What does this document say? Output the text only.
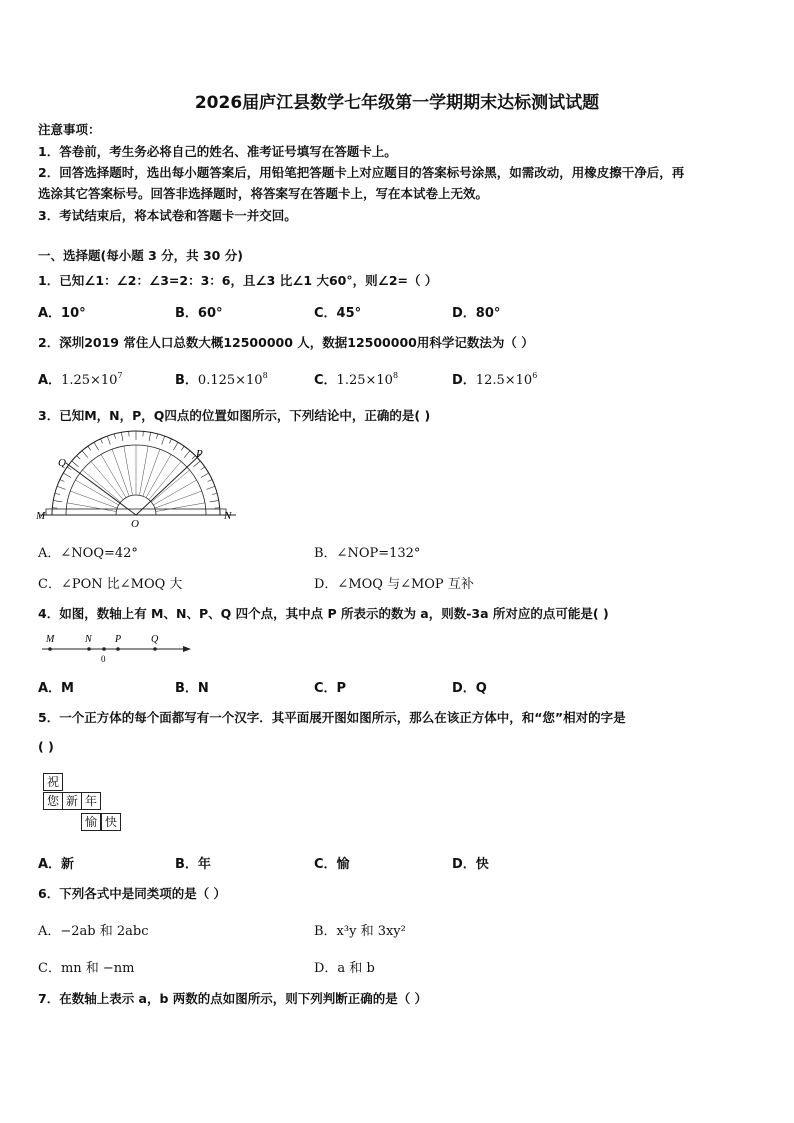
2026届庐江县数学七年级第一学期期末达标测试试题
注意事项：
1．答卷前，考生务必将自己的姓名、准考证号填写在答题卡上。
2．回答选择题时，选出每小题答案后，用铅笔把答题卡上对应题目的答案标号涂黑，如需改动，用橡皮擦干净后，再
选涂其它答案标号。回答非选择题时，将答案写在答题卡上，写在本试卷上无效。
3．考试结束后，将本试卷和答题卡一并交回。
一、选择题(每小题 3 分，共 30 分)
1．已知∠1：∠2：∠3=2：3：6，且∠3 比∠1 大60°，则∠2=（ ）
A．10°	B．60°	C．45°	D．80°
2．深圳2019 常住人口总数大概12500000 人，数据12500000用科学记数法为（ ）
A．$1.25\times 10^7$	B．$0.125\times 10^8$	C．$1.25\times 10^8$	D．$12.5\times 10^6$
3．已知M，N，P，Q四点的位置如图所示，下列结论中，正确的是( )
Q
P
M	N
O
A．∠NOQ=42°	B．∠NOP=132°
C．∠PON 比∠MOQ 大	D．∠MOQ 与∠MOP 互补
4．如图，数轴上有 M、N、P、Q 四个点，其中点 P 所表示的数为 a，则数-3a 所对应的点可能是( )
M	N P	Q
0
A．M	B．N	C．P	D．Q
5．一个正方体的每个面都写有一个汉字．其平面展开图如图所示，那么在该正方体中，和“您”相对的字是
( )
祝
您 新 年
愉 快
A．新	B．年	C．愉	D．快
6．下列各式中是同类项的是（ ）
A．−2ab 和 2abc	B．x³y 和 3xy²
C．mn 和 −nm	D．a 和 b
7．在数轴上表示 a，b 两数的点如图所示，则下列判断正确的是（ ）
